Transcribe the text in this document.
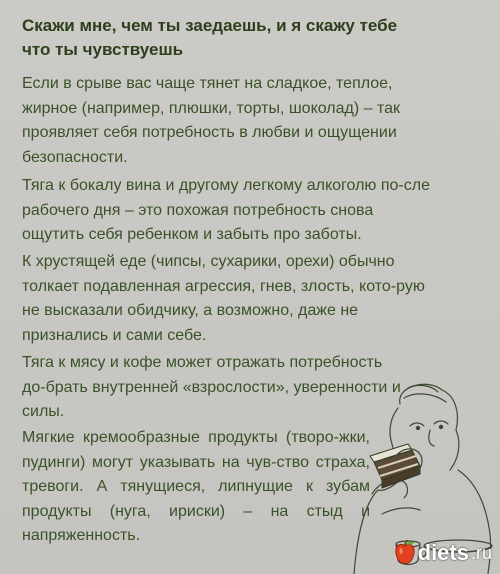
Скажи мне, чем ты заедаешь, и я скажу тебе
что ты чувствуешь

Если в срыве вас чаще тянет на сладкое, теплое, жирное (например, плюшки, торты, шоколад) – так проявляет себя потребность в любви и ощущении безопасности.

Тяга к бокалу вина и другому легкому алкоголю по-сле рабочего дня – это похожая потребность снова ощутить себя ребенком и забыть про заботы.

К хрустящей еде (чипсы, сухарики, орехи) обычно толкает подавленная агрессия, гнев, злость, кото-рую не высказали обидчику, а возможно, даже не признались и сами себе.

Тяга к мясу и кофе может отражать потребность до-брать внутренней «взрослости», уверенности и силы.

Мягкие кремообразные продукты (творо-жки, пудинги) могут указывать на чув-ство страха, тревоги. А тянущиеся, липнущие к зубам продукты (нуга, ириски) – на стыд и напряженность.

diets .ru
